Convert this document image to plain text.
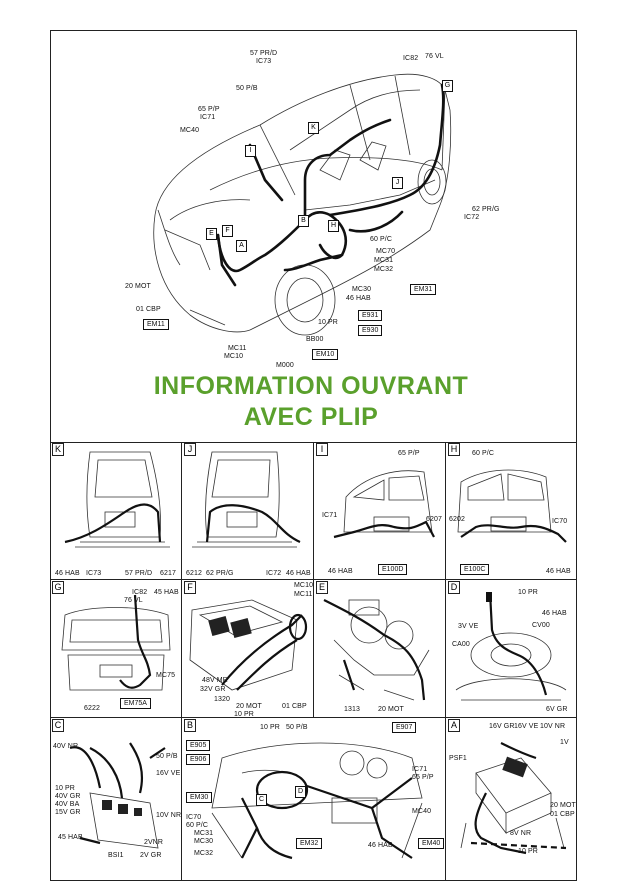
57 PR/D
IC73	IC82 76 VL
50 P/B
65 P/P
IC71
MC40
62 PR/G
IC72
60 P/C
MC70
MC31
MC32
MC30
46 HAB
20 MOT
01 CBP
10 PR
BB00
MC11
MC10
M000
EM31
E931
E930
EM11
EM10
K
G
I
J
B
H
E	F
A
INFORMATION OUVRANT
AVEC PLIP
K
46 HAB IC73	57 PR/D 6217
J
6212 62 PR/G	IC72 46 HAB
I	65 P/P
IC71
6207
46 HAB	E100D
H	60 P/C
6202	IC70
46 HAB
E100C
G
IC82 45 HAB
76 VL
MC75
6222
EM75A
F	MC10
MC11
48V MR
32V GR
1320
20 MOT
10 PR
01 CBP
E
1313	20 MOT
D
10 PR
46 HAB
3V VE	CV00
CA00
6V GR
C
40V NR
50 P/B
16V VE
10 PR
40V GR
40V BA
15V GR	10V NR
2VNR
45 HAB
BSI1 2V GR
B	10 PR 50 P/B
IC71
65 P/P
MC40
IC70
60 P/C
MC31
MC30
MC32
46 HAB
E905
E906
E907
EM30
EM32	EM40
C
D
A	16V GR 16V VE 10V NR
1V
PSF1
20 MOT
01 CBP
8V NR
10 PR
